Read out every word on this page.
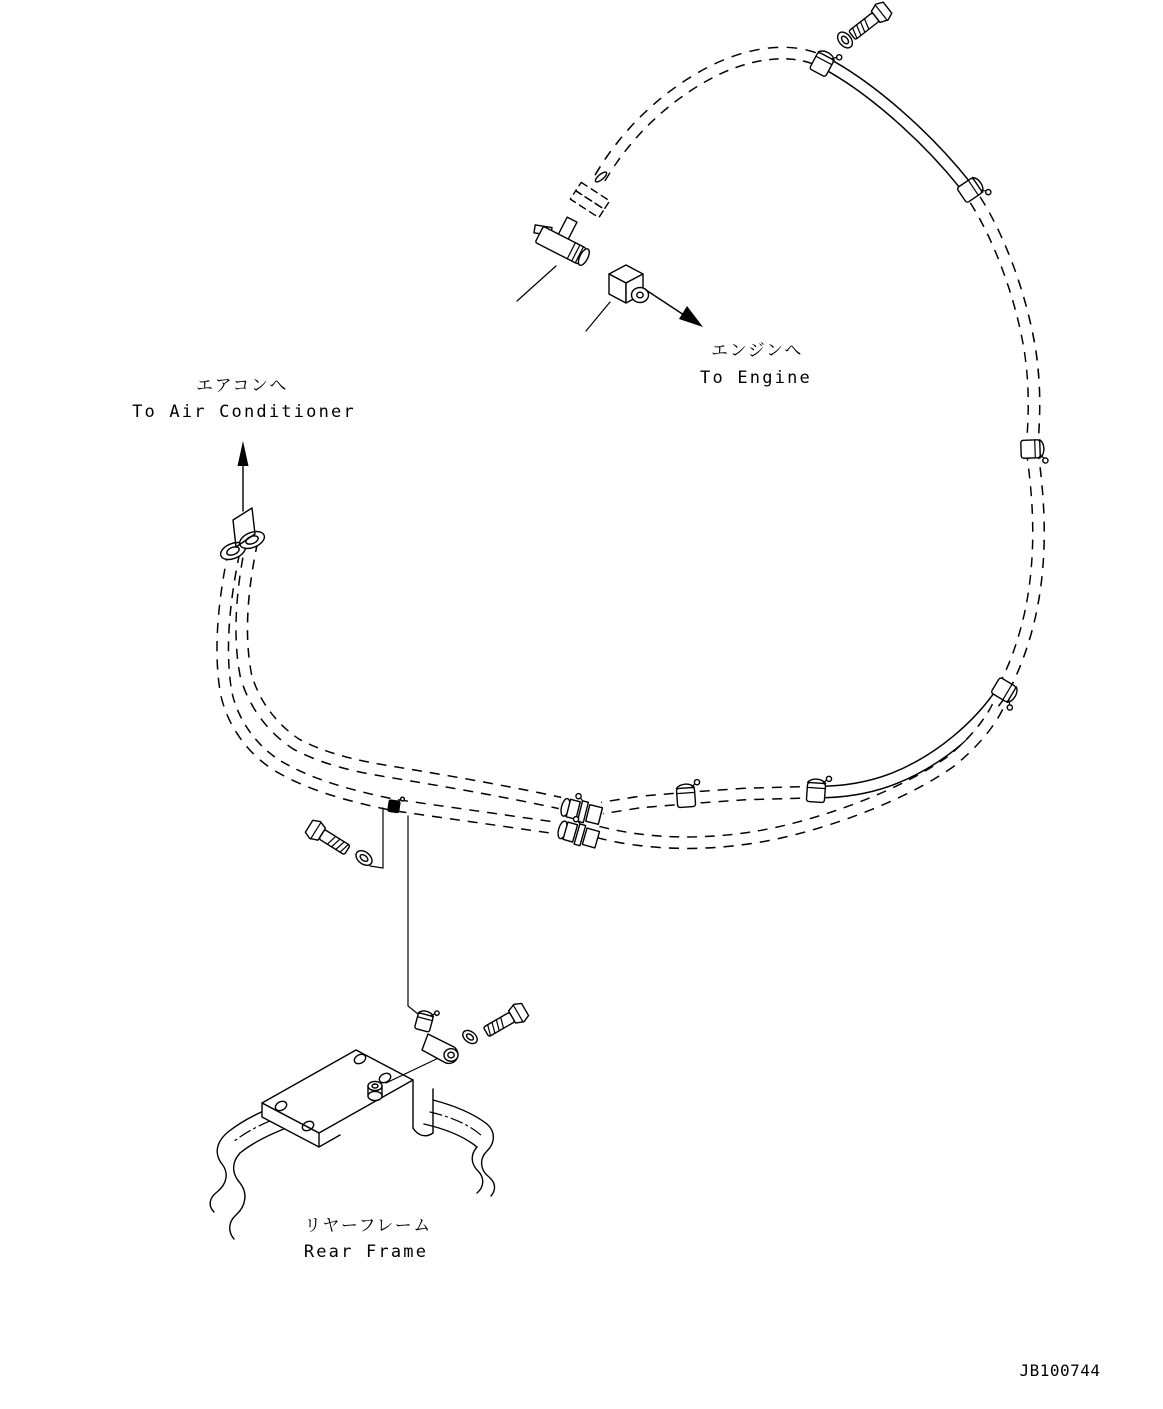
エアコンへ
To Air Conditioner
エンジンへ
To Engine
リヤーフレーム
Rear Frame
JB100744
